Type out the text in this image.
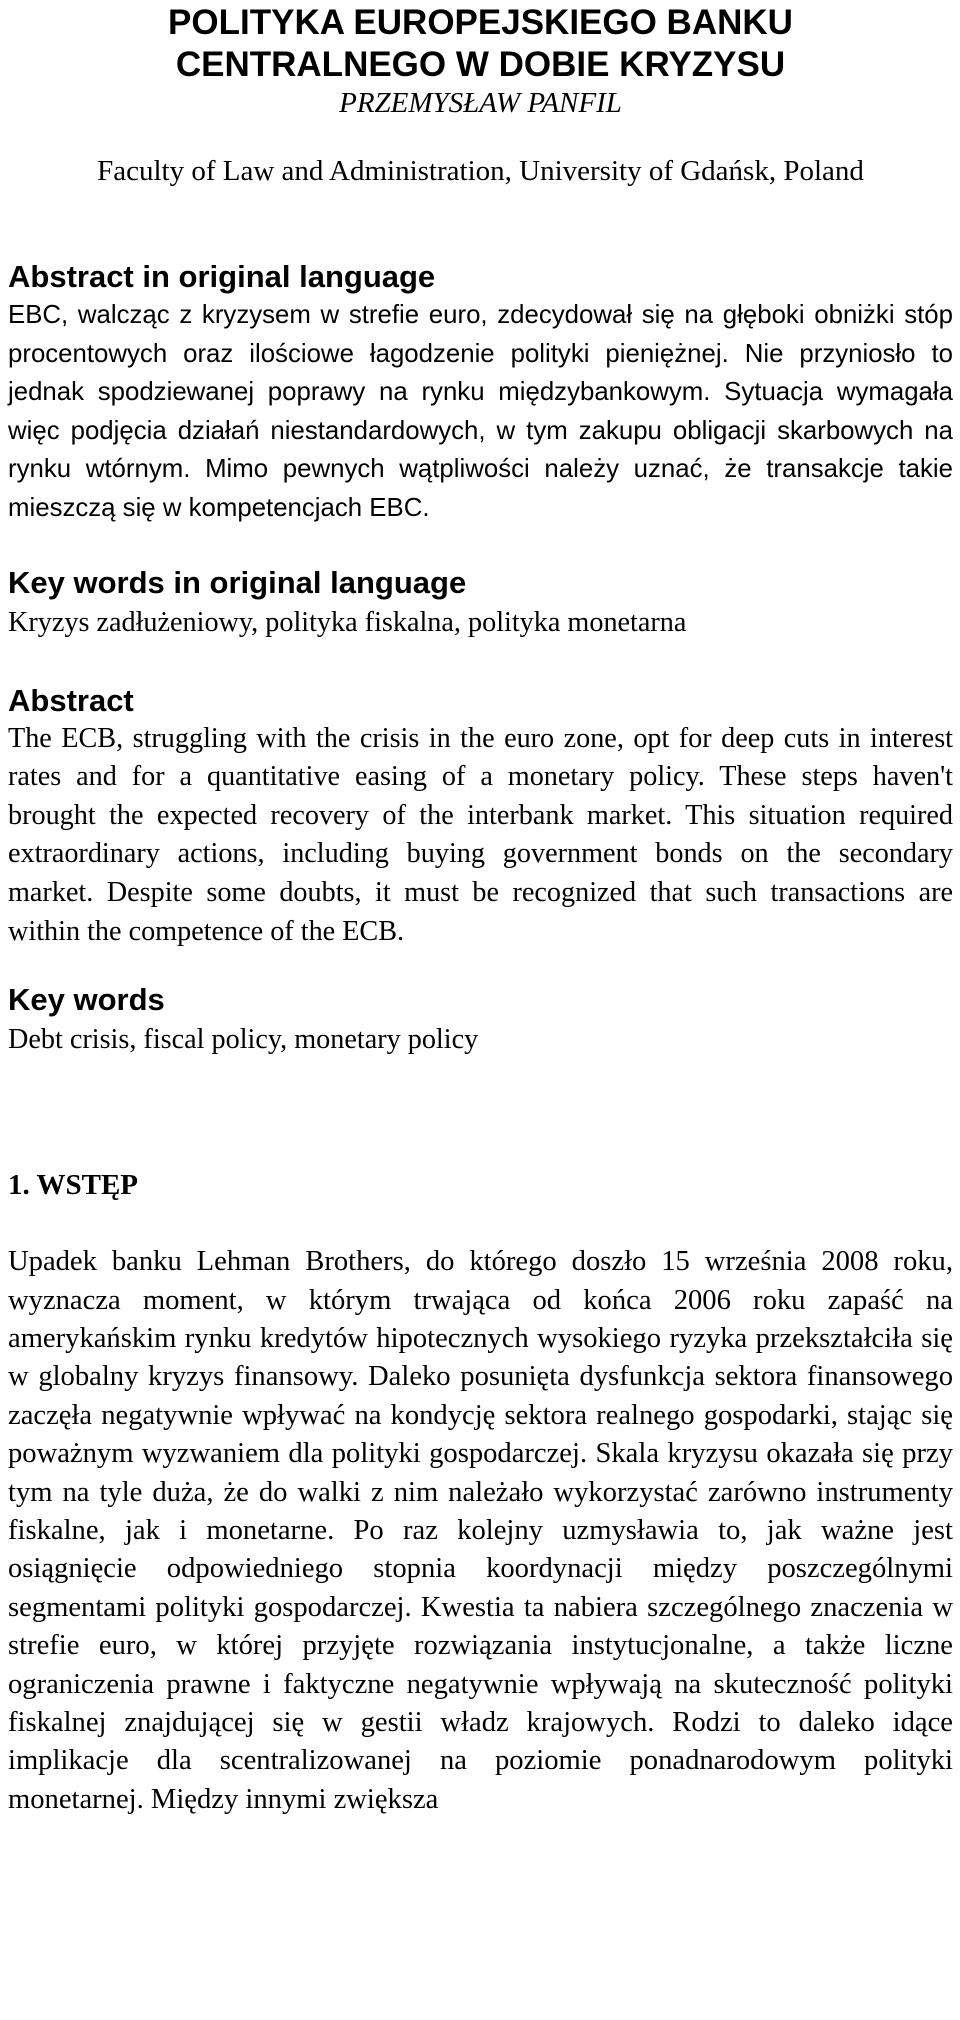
POLITYKA EUROPEJSKIEGO BANKU
CENTRALNEGO W DOBIE KRYZYSU

PRZEMYSŁAW PANFIL

Faculty of Law and Administration, University of Gdańsk, Poland

Abstract in original language

EBC, walcząc z kryzysem w strefie euro, zdecydował się na głęboki obniżki stóp procentowych oraz ilościowe łagodzenie polityki pieniężnej. Nie przyniosło to jednak spodziewanej poprawy na rynku międzybankowym. Sytuacja wymagała więc podjęcia działań niestandardowych, w tym zakupu obligacji skarbowych na rynku wtórnym. Mimo pewnych wątpliwości należy uznać, że transakcje takie mieszczą się w kompetencjach EBC.

Key words in original language

Kryzys zadłużeniowy, polityka fiskalna, polityka monetarna

Abstract

The ECB, struggling with the crisis in the euro zone, opt for deep cuts in interest rates and for a quantitative easing of a monetary policy. These steps haven't brought the expected recovery of the interbank market. This situation required extraordinary actions, including buying government bonds on the secondary market. Despite some doubts, it must be recognized that such transactions are within the competence of the ECB.

Key words

Debt crisis, fiscal policy, monetary policy

1. WSTĘP

Upadek banku Lehman Brothers, do którego doszło 15 września 2008 roku, wyznacza moment, w którym trwająca od końca 2006 roku zapaść na amerykańskim rynku kredytów hipotecznych wysokiego ryzyka przekształciła się w globalny kryzys finansowy. Daleko posunięta dysfunkcja sektora finansowego zaczęła negatywnie wpływać na kondycję sektora realnego gospodarki, stając się poważnym wyzwaniem dla polityki gospodarczej. Skala kryzysu okazała się przy tym na tyle duża, że do walki z nim należało wykorzystać zarówno instrumenty fiskalne, jak i monetarne. Po raz kolejny uzmysławia to, jak ważne jest osiągnięcie odpowiedniego stopnia koordynacji między poszczególnymi segmentami polityki gospodarczej. Kwestia ta nabiera szczególnego znaczenia w strefie euro, w której przyjęte rozwiązania instytucjonalne, a także liczne ograniczenia prawne i faktyczne negatywnie wpływają na skuteczność polityki fiskalnej znajdującej się w gestii władz krajowych. Rodzi to daleko idące implikacje dla scentralizowanej na poziomie ponadnarodowym polityki monetarnej. Między innymi zwiększa
